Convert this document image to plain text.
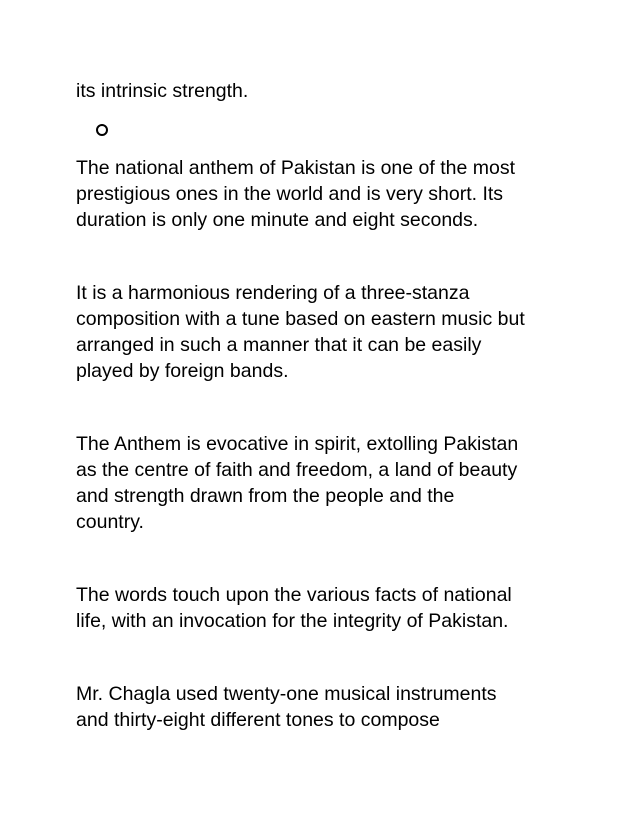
its intrinsic strength.

The national anthem of Pakistan is one of the most
prestigious ones in the world and is very short. Its
duration is only one minute and eight seconds.

It is a harmonious rendering of a three-stanza
composition with a tune based on eastern music but
arranged in such a manner that it can be easily
played by foreign bands.

The Anthem is evocative in spirit, extolling Pakistan
as the centre of faith and freedom, a land of beauty
and strength drawn from the people and the
country.

The words touch upon the various facts of national
life, with an invocation for the integrity of Pakistan.

Mr. Chagla used twenty-one musical instruments
and thirty-eight different tones to compose
